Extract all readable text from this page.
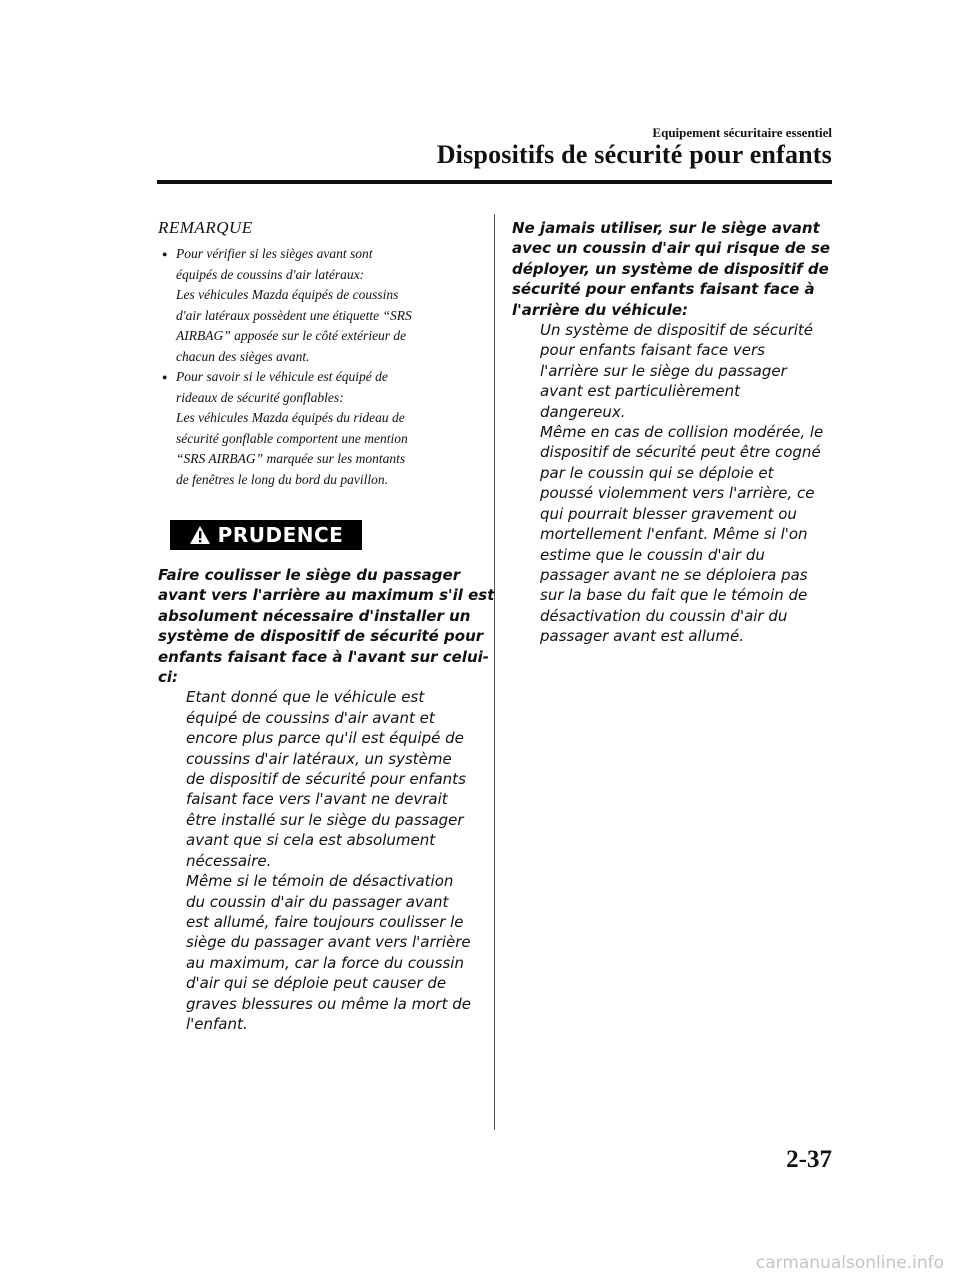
Equipement sécuritaire essentiel
Dispositifs de sécurité pour enfants
REMARQUE
● Pour vérifier si les sièges avant sont
équipés de coussins d'air latéraux:
Les véhicules Mazda équipés de coussins
d'air latéraux possèdent une étiquette “SRS
AIRBAG” apposée sur le côté extérieur de
chacun des sièges avant.
● Pour savoir si le véhicule est équipé de
rideaux de sécurité gonflables:
Les véhicules Mazda équipés du rideau de
sécurité gonflable comportent une mention
“SRS AIRBAG” marquée sur les montants
de fenêtres le long du bord du pavillon.
PRUDENCE
Faire coulisser le siège du passager
avant vers l'arrière au maximum s'il est
absolument nécessaire d'installer un
système de dispositif de sécurité pour
enfants faisant face à l'avant sur celui-
ci:
Etant donné que le véhicule est
équipé de coussins d'air avant et
encore plus parce qu'il est équipé de
coussins d'air latéraux, un système
de dispositif de sécurité pour enfants
faisant face vers l'avant ne devrait
être installé sur le siège du passager
avant que si cela est absolument
nécessaire.
Même si le témoin de désactivation
du coussin d'air du passager avant
est allumé, faire toujours coulisser le
siège du passager avant vers l'arrière
au maximum, car la force du coussin
d'air qui se déploie peut causer de
graves blessures ou même la mort de
l'enfant.
Ne jamais utiliser, sur le siège avant
avec un coussin d'air qui risque de se
déployer, un système de dispositif de
sécurité pour enfants faisant face à
l'arrière du véhicule:
Un système de dispositif de sécurité
pour enfants faisant face vers
l'arrière sur le siège du passager
avant est particulièrement
dangereux.
Même en cas de collision modérée, le
dispositif de sécurité peut être cogné
par le coussin qui se déploie et
poussé violemment vers l'arrière, ce
qui pourrait blesser gravement ou
mortellement l'enfant. Même si l'on
estime que le coussin d'air du
passager avant ne se déploiera pas
sur la base du fait que le témoin de
désactivation du coussin d'air du
passager avant est allumé.
2-37
carmanualsonline.info
